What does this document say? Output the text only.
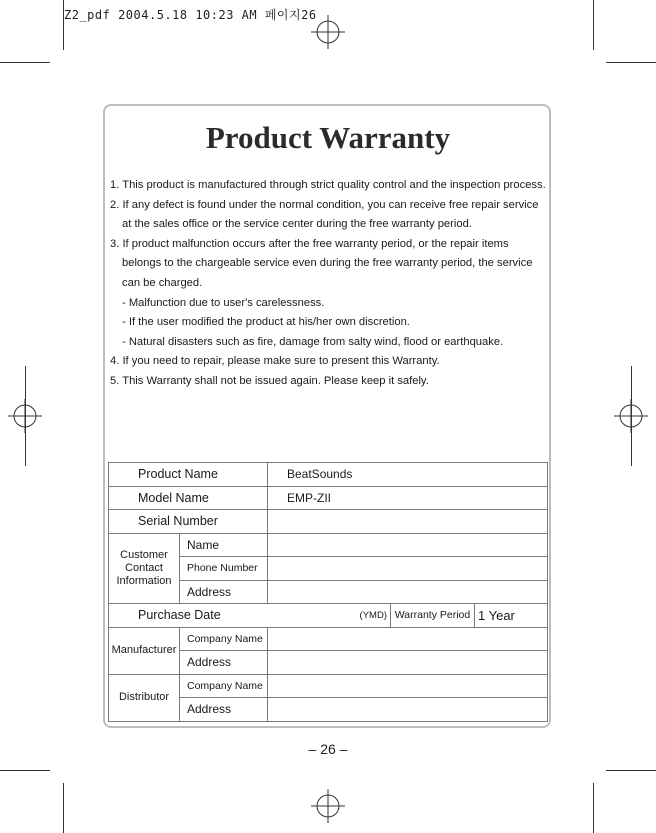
Z2_pdf 2004.5.18 10:23 AM 페이지26
Product Warranty
1. This product is manufactured through strict quality control and the inspection process.
2. If any defect is found under the normal condition, you can receive free repair service
at the sales office or the service center during the free warranty period.
3. If product malfunction occurs after the free warranty period, or the repair items
belongs to the chargeable service even during the free warranty period, the service
can be charged.
- Malfunction due to user's carelessness.
- If the user modified the product at his/her own discretion.
- Natural disasters such as fire, damage from salty wind, flood or earthquake.
4. If you need to repair, please make sure to present this Warranty.
5. This Warranty shall not be issued again. Please keep it safely.
Product Name		BeatSounds		
Model Name		EMP-ZII		
Serial Number				
Customer Contact Information	Name			
	Phone Number			
	Address			
Purchase Date		(YMD)	Warranty Period	1 Year
Manufacturer	Company Name			
	Address			
Distributor	Company Name			
	Address			
– 26 –
